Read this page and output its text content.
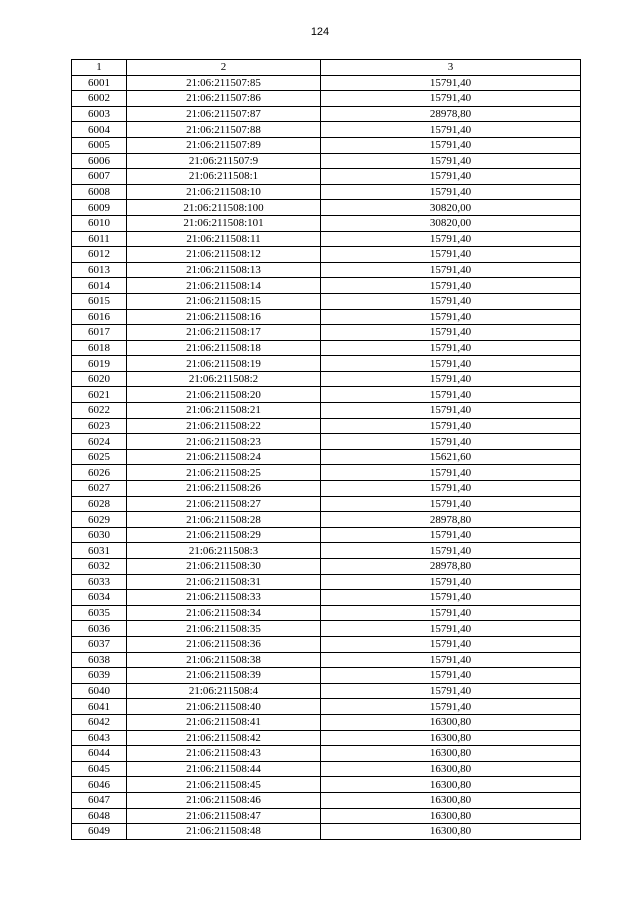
124
1	2	3
6001	21:06:211507:85	15791,40
6002	21:06:211507:86	15791,40
6003	21:06:211507:87	28978,80
6004	21:06:211507:88	15791,40
6005	21:06:211507:89	15791,40
6006	21:06:211507:9	15791,40
6007	21:06:211508:1	15791,40
6008	21:06:211508:10	15791,40
6009	21:06:211508:100	30820,00
6010	21:06:211508:101	30820,00
6011	21:06:211508:11	15791,40
6012	21:06:211508:12	15791,40
6013	21:06:211508:13	15791,40
6014	21:06:211508:14	15791,40
6015	21:06:211508:15	15791,40
6016	21:06:211508:16	15791,40
6017	21:06:211508:17	15791,40
6018	21:06:211508:18	15791,40
6019	21:06:211508:19	15791,40
6020	21:06:211508:2	15791,40
6021	21:06:211508:20	15791,40
6022	21:06:211508:21	15791,40
6023	21:06:211508:22	15791,40
6024	21:06:211508:23	15791,40
6025	21:06:211508:24	15621,60
6026	21:06:211508:25	15791,40
6027	21:06:211508:26	15791,40
6028	21:06:211508:27	15791,40
6029	21:06:211508:28	28978,80
6030	21:06:211508:29	15791,40
6031	21:06:211508:3	15791,40
6032	21:06:211508:30	28978,80
6033	21:06:211508:31	15791,40
6034	21:06:211508:33	15791,40
6035	21:06:211508:34	15791,40
6036	21:06:211508:35	15791,40
6037	21:06:211508:36	15791,40
6038	21:06:211508:38	15791,40
6039	21:06:211508:39	15791,40
6040	21:06:211508:4	15791,40
6041	21:06:211508:40	15791,40
6042	21:06:211508:41	16300,80
6043	21:06:211508:42	16300,80
6044	21:06:211508:43	16300,80
6045	21:06:211508:44	16300,80
6046	21:06:211508:45	16300,80
6047	21:06:211508:46	16300,80
6048	21:06:211508:47	16300,80
6049	21:06:211508:48	16300,80
